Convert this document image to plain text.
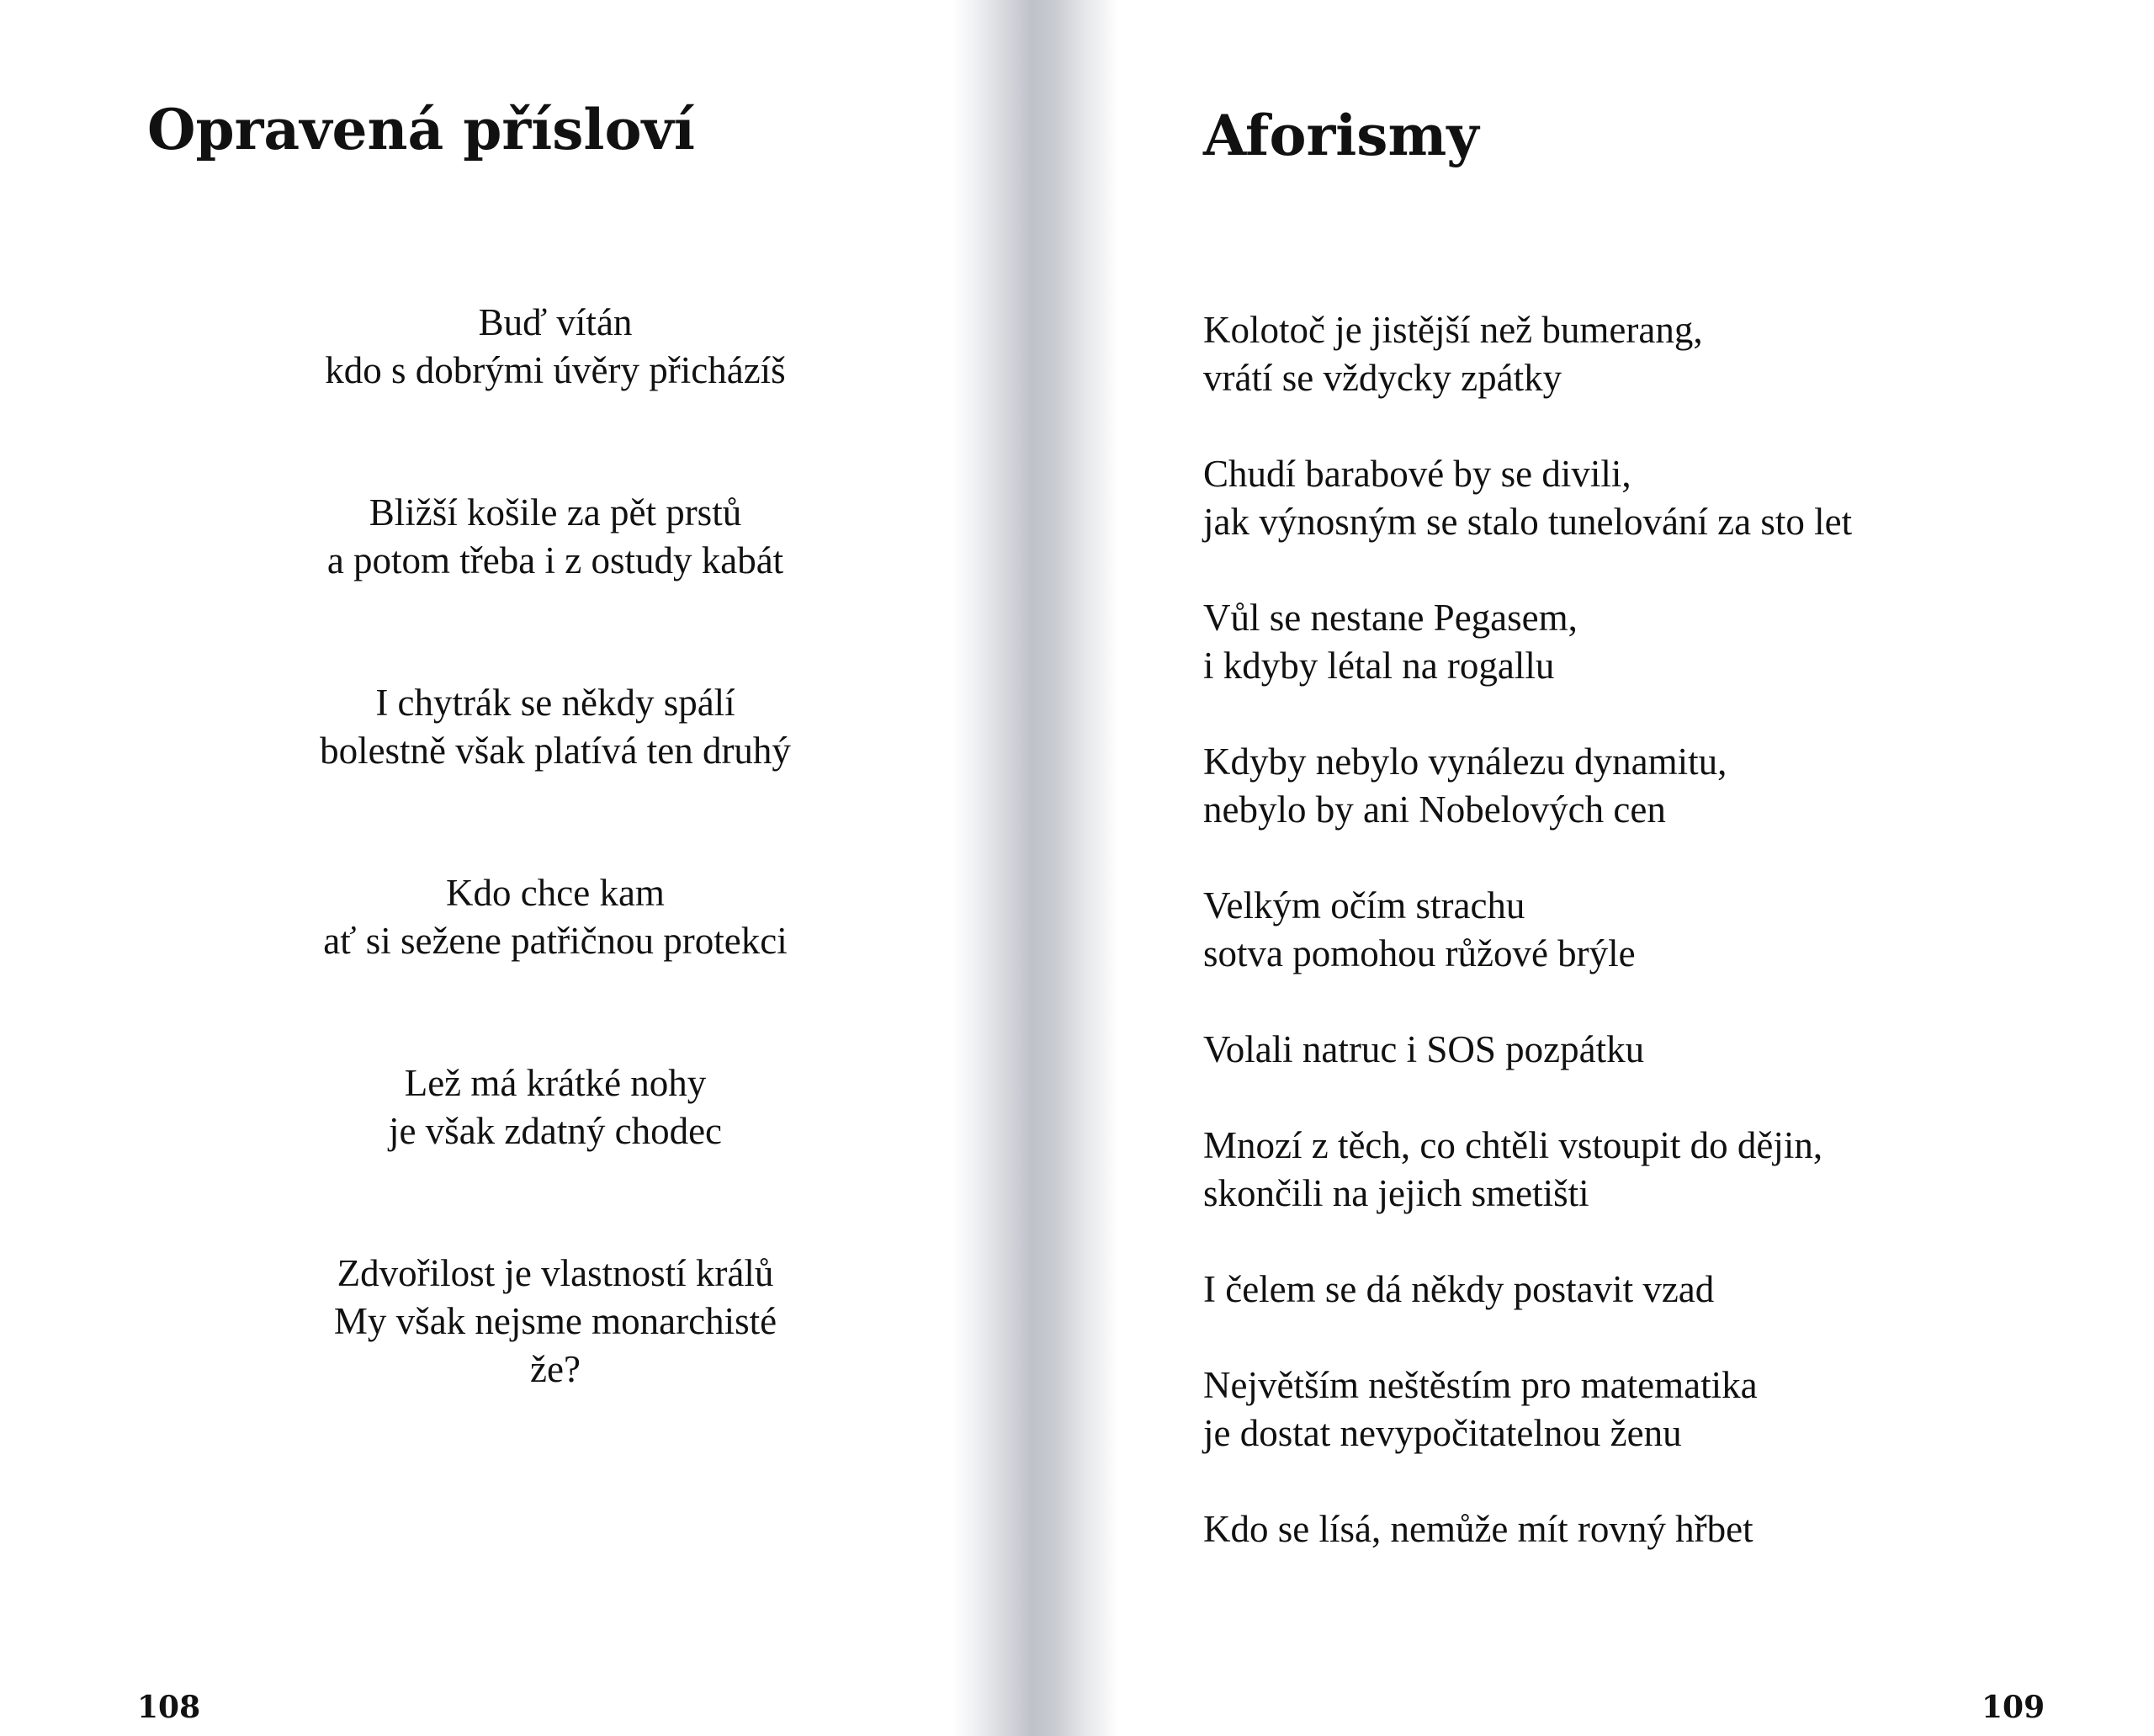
Opravená přísloví
Buď vítán
kdo s dobrými úvěry přicházíš
Bližší košile za pět prstů
a potom třeba i z ostudy kabát
I chytrák se někdy spálí
bolestně však platívá ten druhý
Kdo chce kam
ať si sežene patřičnou protekci
Lež má krátké nohy
je však zdatný chodec
Zdvořilost je vlastností králů
My však nejsme monarchisté
že?
108
Aforismy
Kolotoč je jistější než bumerang,
vrátí se vždycky zpátky
Chudí barabové by se divili,
jak výnosným se stalo tunelování za sto let
Vůl se nestane Pegasem,
i kdyby létal na rogallu
Kdyby nebylo vynálezu dynamitu,
nebylo by ani Nobelových cen
Velkým očím strachu
sotva pomohou růžové brýle
Volali natruc i SOS pozpátku
Mnozí z těch, co chtěli vstoupit do dějin,
skončili na jejich smetišti
I čelem se dá někdy postavit vzad
Největším neštěstím pro matematika
je dostat nevypočitatelnou ženu
Kdo se lísá, nemůže mít rovný hřbet
109
